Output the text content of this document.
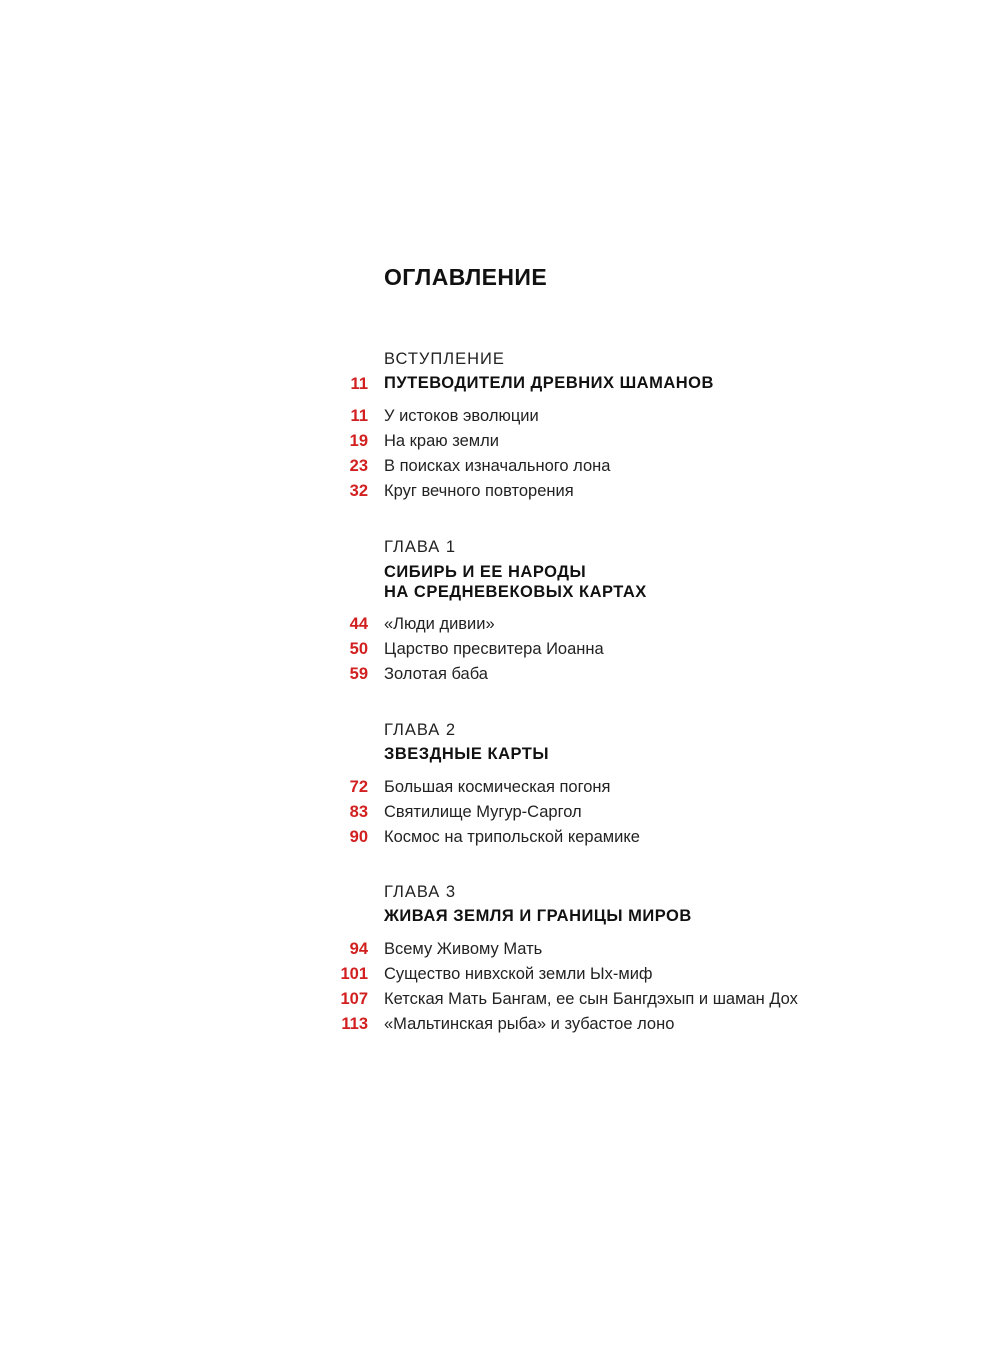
ОГЛАВЛЕНИЕ
ВСТУПЛЕНИЕ
11 ПУТЕВОДИТЕЛИ ДРЕВНИХ ШАМАНОВ
11 У истоков эволюции
19 На краю земли
23 В поисках изначального лона
32 Круг вечного повторения
ГЛАВА 1
СИБИРЬ И ЕЕ НАРОДЫ
НА СРЕДНЕВЕКОВЫХ КАРТАХ
44 «Люди дивии»
50 Царство пресвитера Иоанна
59 Золотая баба
ГЛАВА 2
ЗВЕЗДНЫЕ КАРТЫ
72 Большая космическая погоня
83 Святилище Мугур-Саргол
90 Космос на трипольской керамике
ГЛАВА 3
ЖИВАЯ ЗЕМЛЯ И ГРАНИЦЫ МИРОВ
94 Всему Живому Мать
101 Существо нивхской земли Ыx-миф
107 Кетская Мать Бангам, ее сын Бангдэхып и шаман Дох
113 «Мальтинская рыба» и зубастое лоно
